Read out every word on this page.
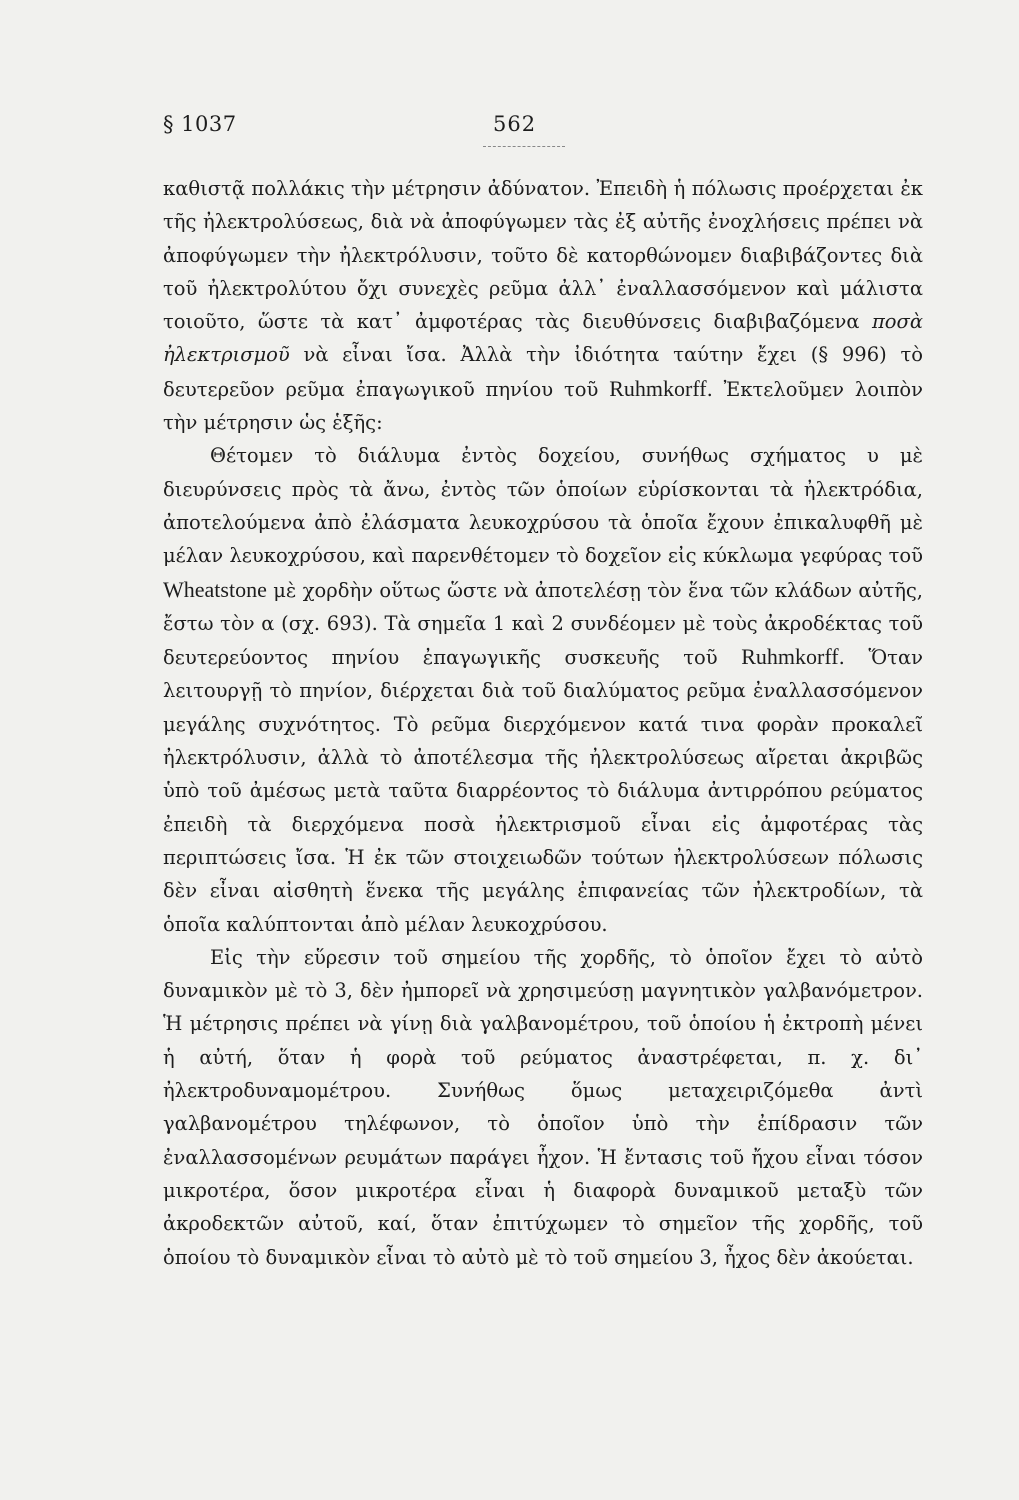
§ 1037	562

καθιστᾷ πολλάκις τὴν μέτρησιν ἀδύνατον. Ἐπειδὴ ἡ πόλωσις προέρχεται ἐκ τῆς ἠλεκτρολύσεως, διὰ νὰ ἀποφύγωμεν τὰς ἐξ αὐτῆς ἐνοχλήσεις πρέπει νὰ ἀποφύγωμεν τὴν ἠλεκτρόλυσιν, τοῦτο δὲ κατορθώνομεν διαβιβάζοντες διὰ τοῦ ἠλεκτρολύτου ὄχι συνεχὲς ρεῦμα ἀλλ᾿ ἐναλλασσόμενον καὶ μάλιστα τοιοῦτο, ὥστε τὰ κατ᾿ ἀμφοτέρας τὰς διευθύνσεις διαβιβαζόμενα ποσὰ ἠλεκτρισμοῦ νὰ εἶναι ἴσα. Ἀλλὰ τὴν ἰδιότητα ταύτην ἔχει (§ 996) τὸ δευτερεῦον ρεῦμα ἐπαγωγικοῦ πηνίου τοῦ Ruhmkorff. Ἐκτελοῦμεν λοιπὸν τὴν μέτρησιν ὡς ἑξῆς:

Θέτομεν τὸ διάλυμα ἐντὸς δοχείου, συνήθως σχήματος υ μὲ διευρύνσεις πρὸς τὰ ἄνω, ἐντὸς τῶν ὁποίων εὑρίσκονται τὰ ἠλεκτρόδια, ἀποτελούμενα ἀπὸ ἐλάσματα λευκοχρύσου τὰ ὁποῖα ἔχουν ἐπικαλυφθῆ μὲ μέλαν λευκοχρύσου, καὶ παρενθέτομεν τὸ δοχεῖον εἰς κύκλωμα γεφύρας τοῦ Wheatstone μὲ χορδὴν οὕτως ὥστε νὰ ἀποτελέσῃ τὸν ἕνα τῶν κλάδων αὐτῆς, ἔστω τὸν α (σχ. 693). Τὰ σημεῖα 1 καὶ 2 συνδέομεν μὲ τοὺς ἀκροδέκτας τοῦ δευτερεύοντος πηνίου ἐπαγωγικῆς συσκευῆς τοῦ Ruhmkorff. Ὅταν λειτουργῇ τὸ πηνίον, διέρχεται διὰ τοῦ διαλύματος ρεῦμα ἐναλλασσόμενον μεγάλης συχνότητος. Τὸ ρεῦμα διερχόμενον κατά τινα φορὰν προκαλεῖ ἠλεκτρόλυσιν, ἀλλὰ τὸ ἀποτέλεσμα τῆς ἠλεκτρολύσεως αἴρεται ἀκριβῶς ὑπὸ τοῦ ἀμέσως μετὰ ταῦτα διαρρέοντος τὸ διάλυμα ἀντιρρόπου ρεύματος ἐπειδὴ τὰ διερχόμενα ποσὰ ἠλεκτρισμοῦ εἶναι εἰς ἀμφοτέρας τὰς περιπτώσεις ἴσα. Ἡ ἐκ τῶν στοιχειωδῶν τούτων ἠλεκτρολύσεων πόλωσις δὲν εἶναι αἰσθητὴ ἕνεκα τῆς μεγάλης ἐπιφανείας τῶν ἠλεκτροδίων, τὰ ὁποῖα καλύπτονται ἀπὸ μέλαν λευκοχρύσου.

Εἰς τὴν εὕρεσιν τοῦ σημείου τῆς χορδῆς, τὸ ὁποῖον ἔχει τὸ αὐτὸ δυναμικὸν μὲ τὸ 3, δὲν ἠμπορεῖ νὰ χρησιμεύσῃ μαγνητικὸν γαλβανόμετρον. Ἡ μέτρησις πρέπει νὰ γίνῃ διὰ γαλβανομέτρου, τοῦ ὁποίου ἡ ἐκτροπὴ μένει ἡ αὐτή, ὅταν ἡ φορὰ τοῦ ρεύματος ἀναστρέφεται, π. χ. δι᾿ ἠλεκτροδυναμομέτρου. Συνήθως ὅμως μεταχειριζόμεθα ἀντὶ γαλβανομέτρου τηλέφωνον, τὸ ὁποῖον ὑπὸ τὴν ἐπίδρασιν τῶν ἐναλλασσομένων ρευμάτων παράγει ἦχον. Ἡ ἔντασις τοῦ ἤχου εἶναι τόσον μικροτέρα, ὅσον μικροτέρα εἶναι ἡ διαφορὰ δυναμικοῦ μεταξὺ τῶν ἀκροδεκτῶν αὐτοῦ, καί, ὅταν ἐπιτύχωμεν τὸ σημεῖον τῆς χορδῆς, τοῦ ὁποίου τὸ δυναμικὸν εἶναι τὸ αὐτὸ μὲ τὸ τοῦ σημείου 3, ἦχος δὲν ἀκούεται.
